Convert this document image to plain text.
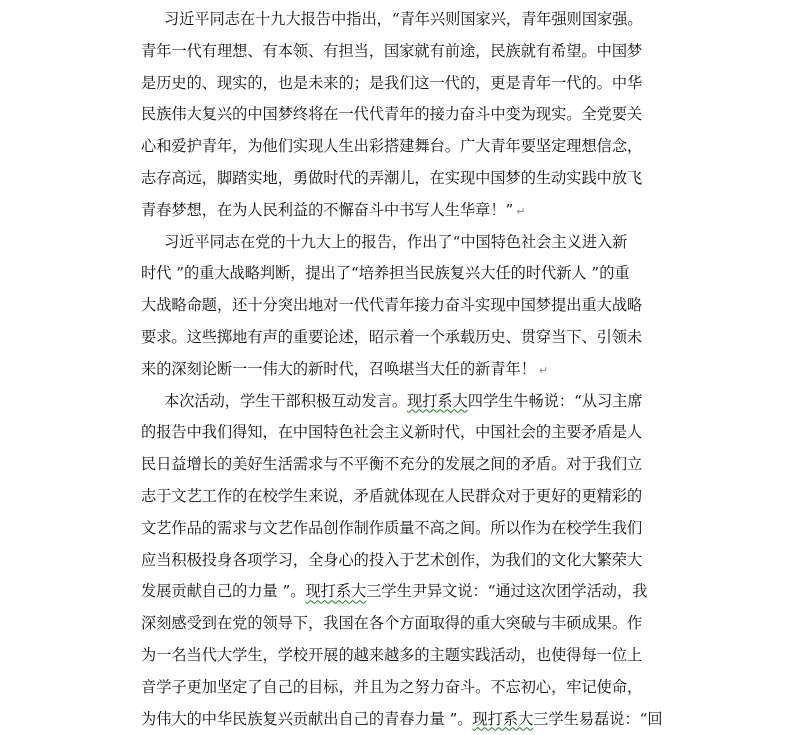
习近平同志在十九大报告中指出，“青年兴则国家兴，青年强则国家强。
青年一代有理想、有本领、有担当，国家就有前途，民族就有希望。中国梦
是历史的、现实的，也是未来的；是我们这一代的，更是青年一代的。中华
民族伟大复兴的中国梦终将在一代代青年的接力奋斗中变为现实。全党要关
心和爱护青年，为他们实现人生出彩搭建舞台。广大青年要坚定理想信念，
志存高远，脚踏实地，勇做时代的弄潮儿，在实现中国梦的生动实践中放飞
青春梦想，在为人民利益的不懈奋斗中书写人生华章！” ↵
习近平同志在党的十九大上的报告，作出了“中国特色社会主义进入新
时代 ”的重大战略判断，提出了“培养担当民族复兴大任的时代新人 ”的重
大战略命题，还十分突出地对一代代青年接力奋斗实现中国梦提出重大战略
要求。这些掷地有声的重要论述，昭示着一个承载历史、贯穿当下、引领未
来的深刻论断一一伟大的新时代，召唤堪当大任的新青年！ ↵
本次活动，学生干部积极互动发言。现打系大四学生牛畅说：“从习主席
的报告中我们得知，在中国特色社会主义新时代，中国社会的主要矛盾是人
民日益增长的美好生活需求与不平衡不充分的发展之间的矛盾。对于我们立
志于文艺工作的在校学生来说，矛盾就体现在人民群众对于更好的更精彩的
文艺作品的需求与文艺作品创作制作质量不高之间。所以作为在校学生我们
应当积极投身各项学习，全身心的投入于艺术创作，为我们的文化大繁荣大
发展贡献自己的力量 ”。现打系大三学生尹异文说：“通过这次团学活动，我
深刻感受到在党的领导下，我国在各个方面取得的重大突破与丰硕成果。作
为一名当代大学生，学校开展的越来越多的主题实践活动，也使得每一位上
音学子更加坚定了自己的目标，并且为之努力奋斗。不忘初心，牢记使命，
为伟大的中华民族复兴贡献出自己的青春力量 ”。现打系大三学生易磊说：“回
